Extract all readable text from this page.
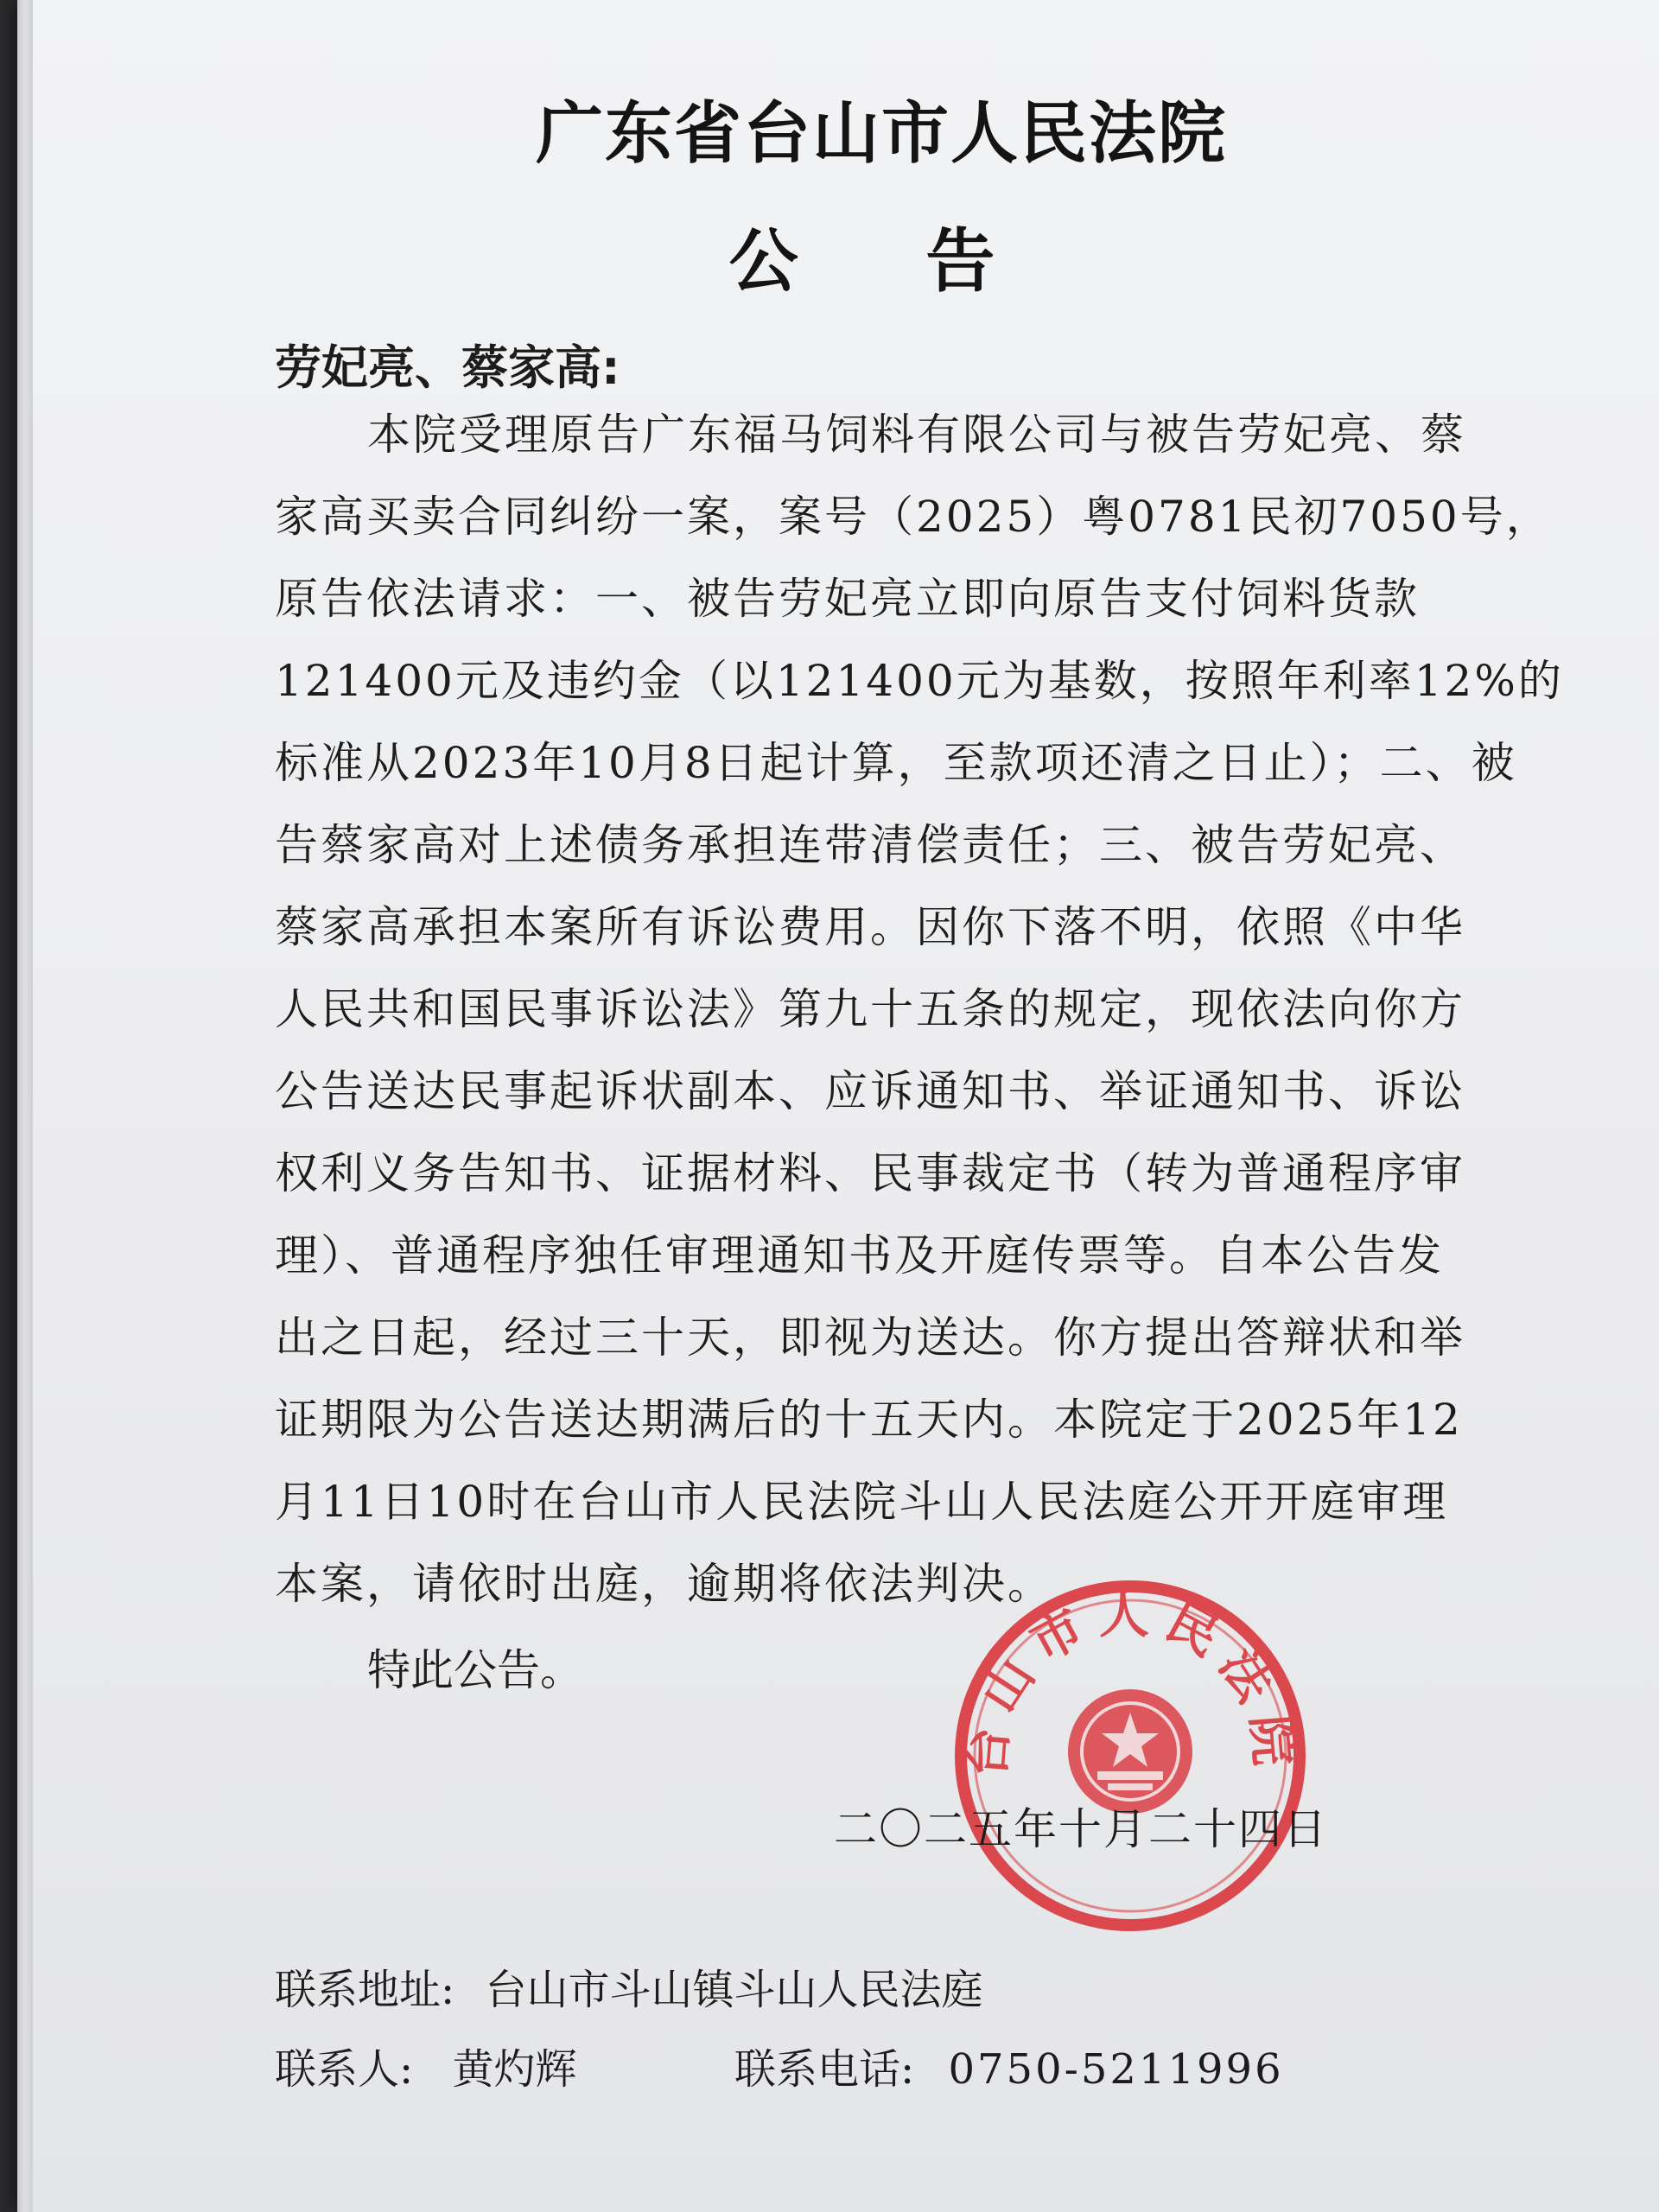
广东省台山市人民法院
公 告
劳妃亮、蔡家高:
本院受理原告广东福马饲料有限公司与被告劳妃亮、蔡
家高买卖合同纠纷一案，案号（2025）粤0781民初7050号，
原告依法请求：一、被告劳妃亮立即向原告支付饲料货款
121400元及违约金（以121400元为基数，按照年利率12%的
标准从2023年10月8日起计算，至款项还清之日止）；二、被
告蔡家高对上述债务承担连带清偿责任；三、被告劳妃亮、
蔡家高承担本案所有诉讼费用。因你下落不明，依照《中华
人民共和国民事诉讼法》第九十五条的规定，现依法向你方
公告送达民事起诉状副本、应诉通知书、举证通知书、诉讼
权利义务告知书、证据材料、民事裁定书（转为普通程序审
理）、普通程序独任审理通知书及开庭传票等。自本公告发
出之日起，经过三十天，即视为送达。你方提出答辩状和举
证期限为公告送达期满后的十五天内。本院定于2025年12
月11日10时在台山市人民法院斗山人民法庭公开开庭审理
本案，请依时出庭，逾期将依法判决。
特此公告。
台山市人民法院
二〇二五年十月二十四日
联系地址: 台山市斗山镇斗山人民法庭
联系人: 黄灼辉	联系电话: 0750-5211996
